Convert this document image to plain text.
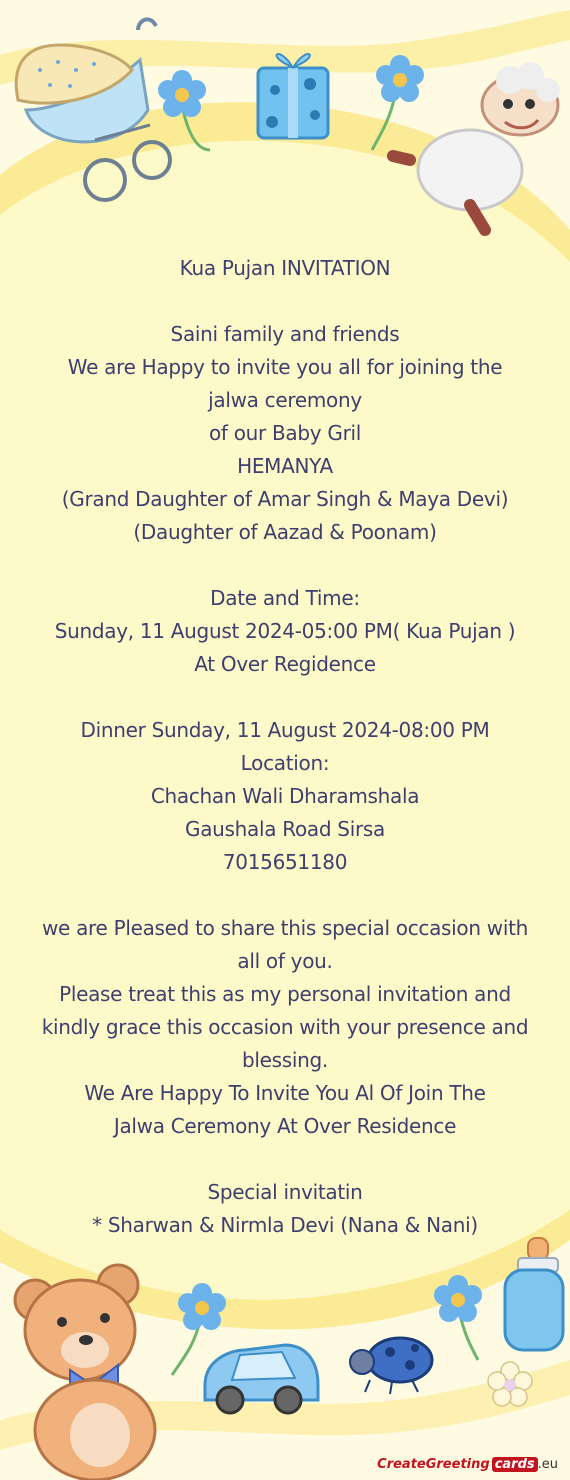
Kua Pujan INVITATION
Saini family and friends
We are Happy to invite you all for joining the
jalwa ceremony
of our Baby Gril
HEMANYA
(Grand Daughter of Amar Singh & Maya Devi)
(Daughter of Aazad & Poonam)
Date and Time:
Sunday, 11 August 2024-05:00 PM( Kua Pujan )
At Over Regidence
Dinner Sunday, 11 August 2024-08:00 PM
Location:
Chachan Wali Dharamshala
Gaushala Road Sirsa
7015651180
we are Pleased to share this special occasion with
all of you.
Please treat this as my personal invitation and
kindly grace this occasion with your presence and
blessing.
We Are Happy To Invite You Al Of Join The
Jalwa Ceremony At Over Residence
Special invitatin
* Sharwan & Nirmla Devi (Nana & Nani)
CreateGreeting cards .eu
